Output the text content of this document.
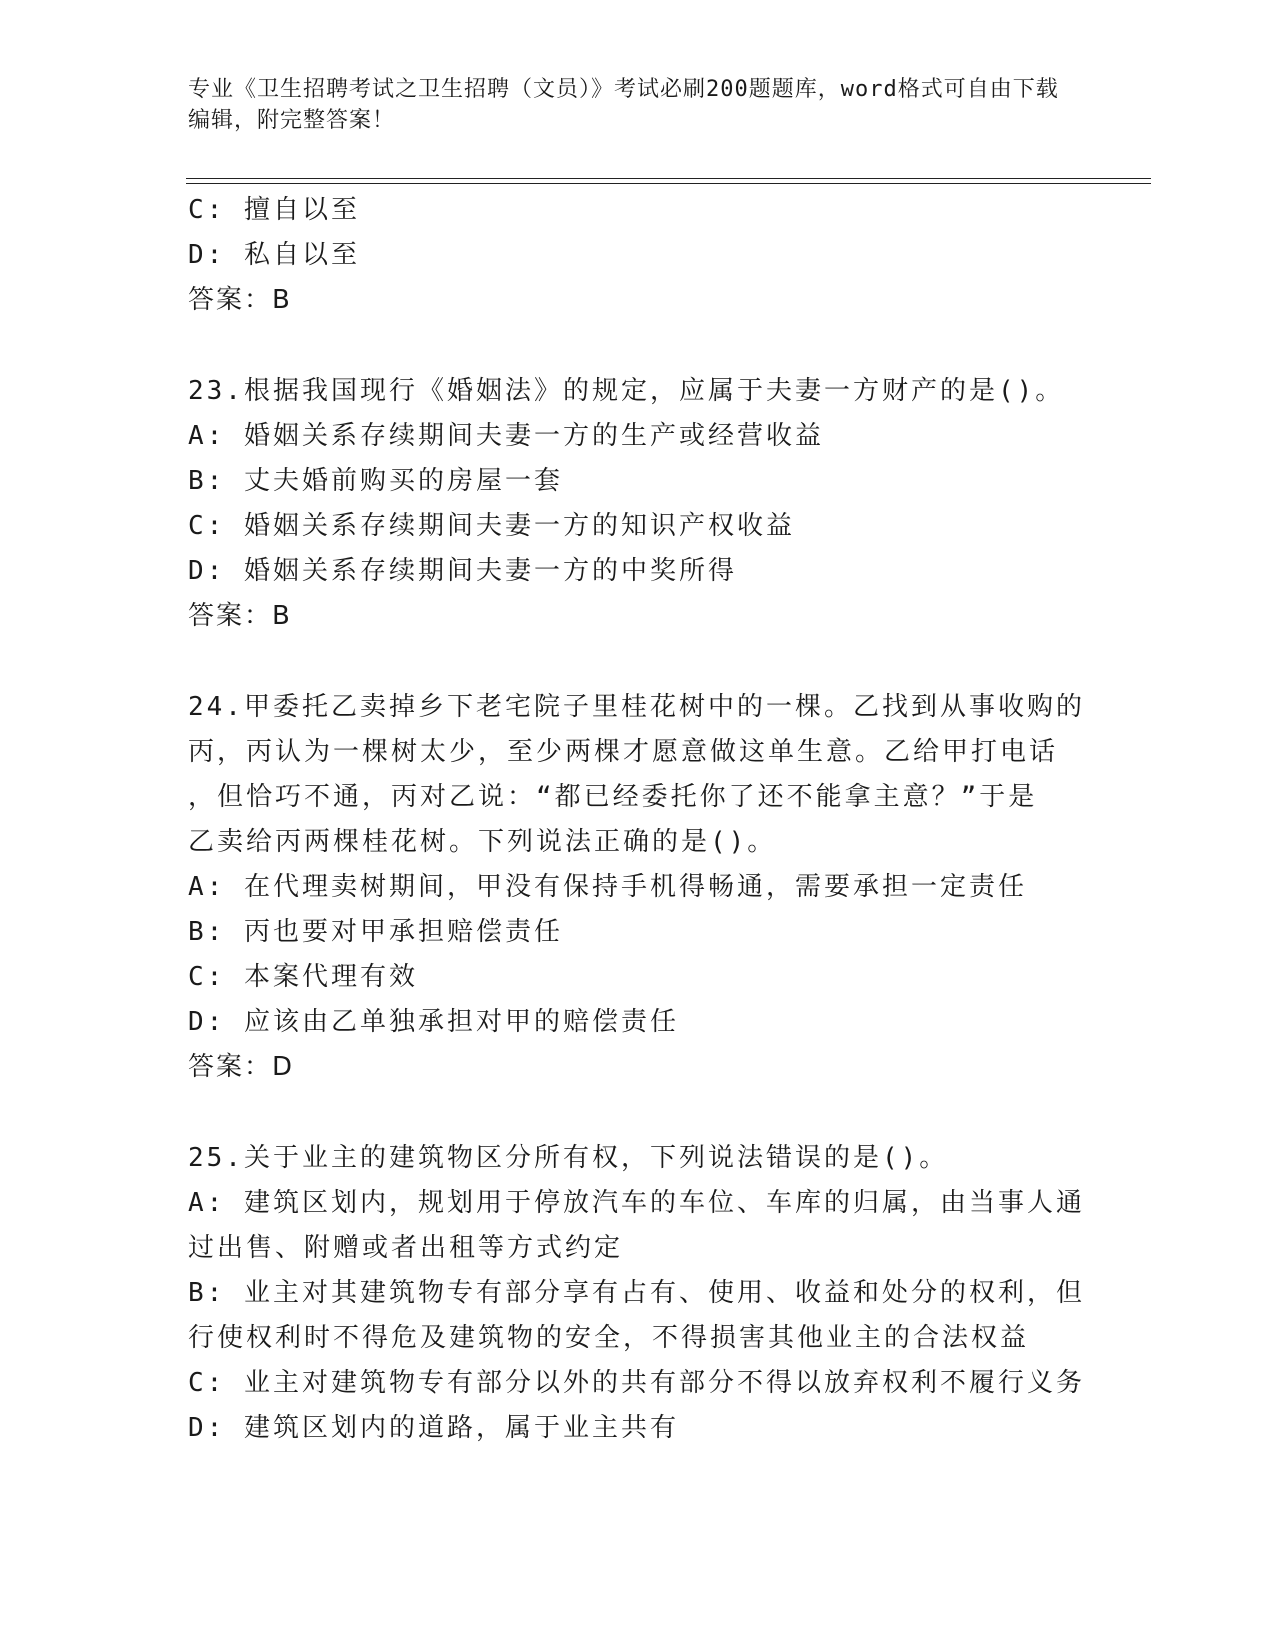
专业《卫生招聘考试之卫生招聘（文员）》考试必刷200题题库，word格式可自由下载编辑，附完整答案！
C: 擅自以至
D: 私自以至
答案：B
23.根据我国现行《婚姻法》的规定，应属于夫妻一方财产的是()。
A: 婚姻关系存续期间夫妻一方的生产或经营收益
B: 丈夫婚前购买的房屋一套
C: 婚姻关系存续期间夫妻一方的知识产权收益
D: 婚姻关系存续期间夫妻一方的中奖所得
答案：B
24.甲委托乙卖掉乡下老宅院子里桂花树中的一棵。乙找到从事收购的
丙，丙认为一棵树太少，至少两棵才愿意做这单生意。乙给甲打电话
，但恰巧不通，丙对乙说：“都已经委托你了还不能拿主意？”于是
乙卖给丙两棵桂花树。下列说法正确的是()。
A: 在代理卖树期间，甲没有保持手机得畅通，需要承担一定责任
B: 丙也要对甲承担赔偿责任
C: 本案代理有效
D: 应该由乙单独承担对甲的赔偿责任
答案：D
25.关于业主的建筑物区分所有权，下列说法错误的是()。
A: 建筑区划内，规划用于停放汽车的车位、车库的归属，由当事人通
过出售、附赠或者出租等方式约定
B: 业主对其建筑物专有部分享有占有、使用、收益和处分的权利，但
行使权利时不得危及建筑物的安全，不得损害其他业主的合法权益
C: 业主对建筑物专有部分以外的共有部分不得以放弃权利不履行义务
D: 建筑区划内的道路，属于业主共有
